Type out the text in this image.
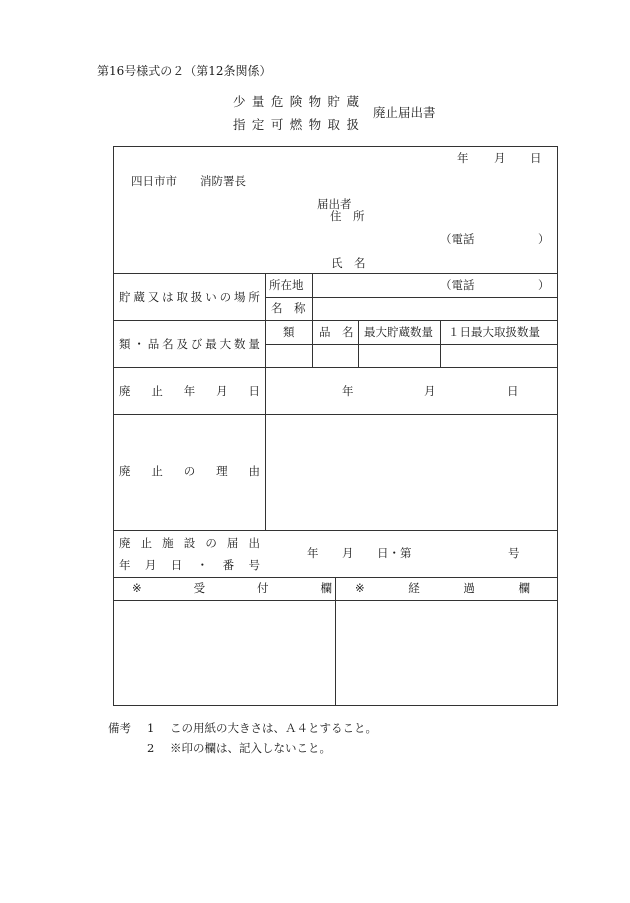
第16号様式の２（第12条関係）
少 量 危 険 物 貯 蔵
指 定 可 燃 物 取 扱
廃止届出書
年 月 日
四日市市　　消防署長
届出者
住　所
（電話	）
氏　名
貯 蔵 又 は 取 扱 い の 場 所
所在地	（電話	）
名　称
類 ・ 品 名 及 び 最 大 数 量
類 品　名 最大貯蔵数量 １日最大取扱数量
廃 止 年 月 日	年	月	日
廃 止 の 理 由
廃 止 施 設 の 届 出
年 月 日 ・ 番 号
年 月 日・第	号
※	受	付	欄 ※	経	過	欄
備考 1 この用紙の大きさは、Ａ４とすること。
2 ※印の欄は、記入しないこと。
